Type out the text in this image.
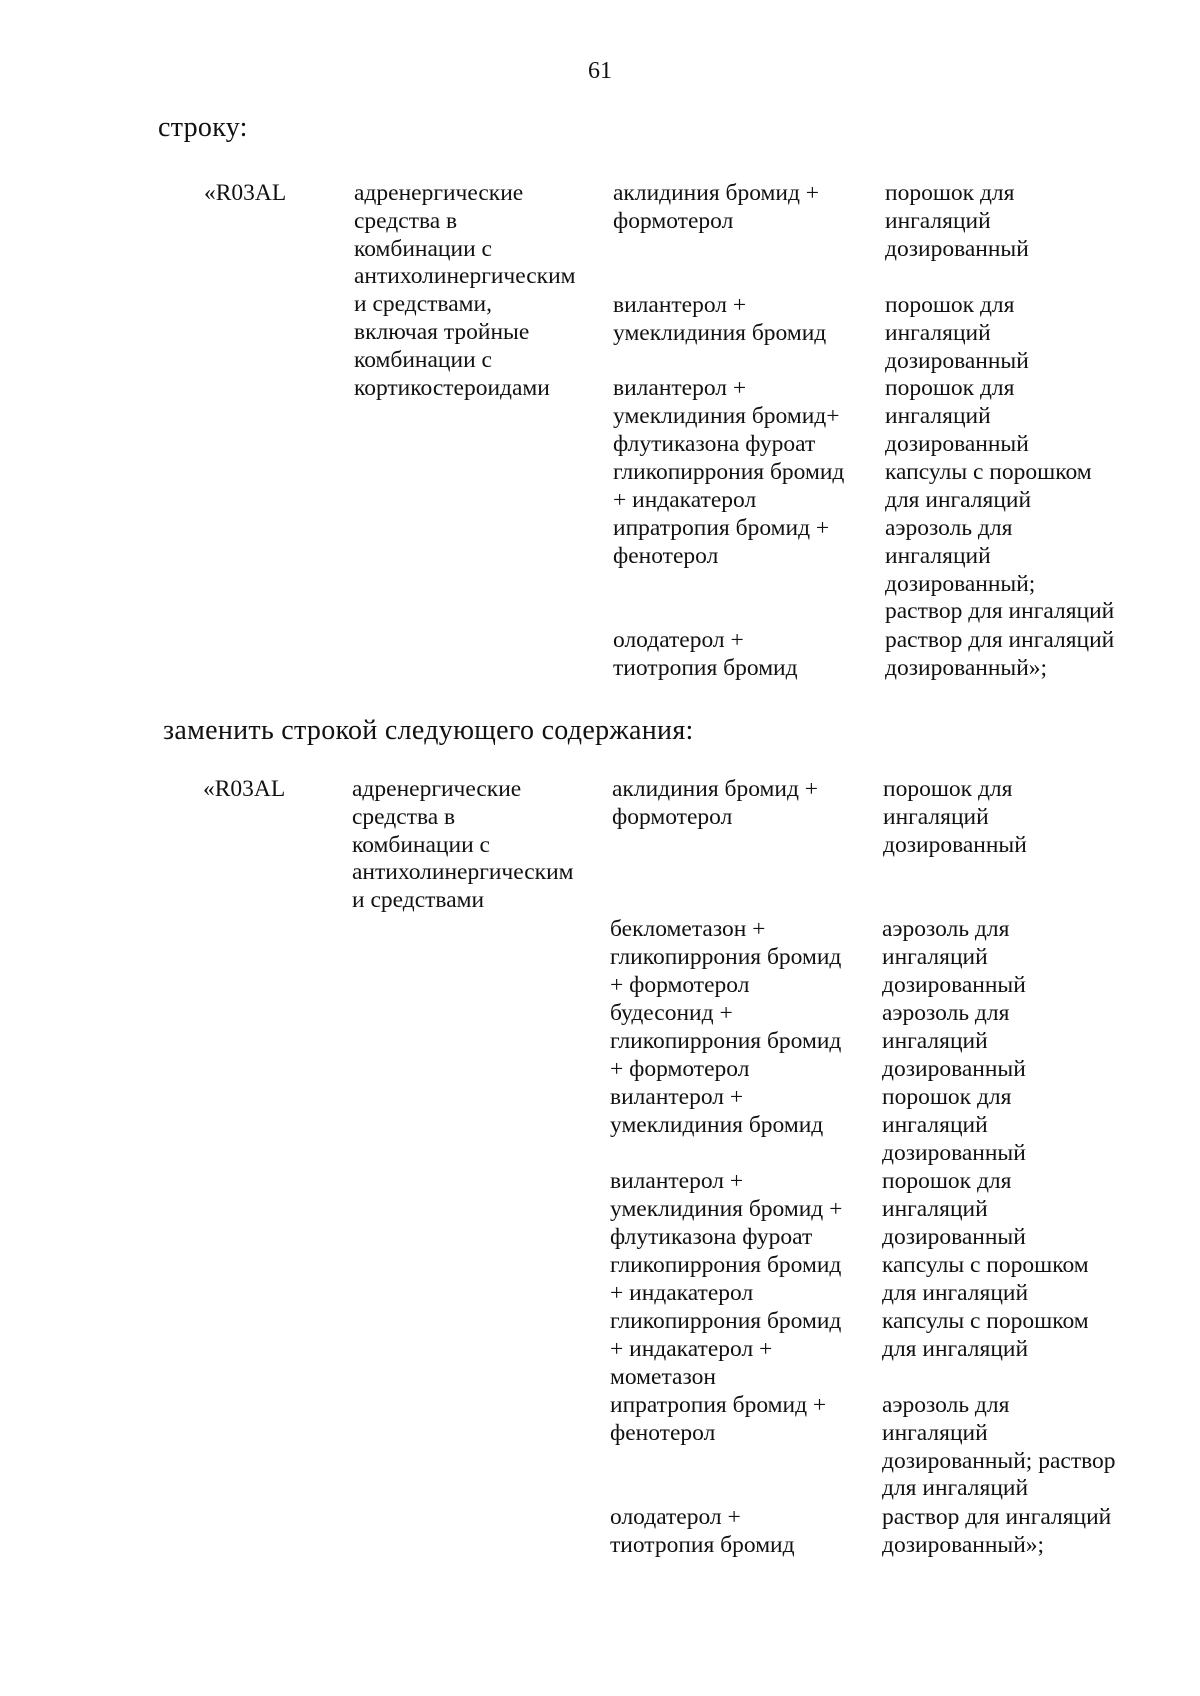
61
строку:
«R03AL	адренергические
средства в
комбинации с
антихолинергическим
и средствами,
включая тройные
комбинации с
кортикостероидами
аклидиния бромид +
формотерол
порошок для
ингаляций
дозированный
вилантерол +
умеклидиния бромид
порошок для
ингаляций
дозированный
вилантерол +
умеклидиния бромид+
флутиказона фуроат
порошок для
ингаляций
дозированный
гликопиррония бромид
+ индакатерол
капсулы с порошком
для ингаляций
ипратропия бромид +
фенотерол
аэрозоль для
ингаляций
дозированный;
раствор для ингаляций
олодатерол +
тиотропия бромид
раствор для ингаляций
дозированный»;
заменить строкой следующего содержания:
«R03AL	адренергические
средства в
комбинации с
антихолинергическим
и средствами
аклидиния бромид +
формотерол
порошок для
ингаляций
дозированный
беклометазон +
гликопиррония бромид
+ формотерол
аэрозоль для
ингаляций
дозированный
будесонид +
гликопиррония бромид
+ формотерол
аэрозоль для
ингаляций
дозированный
вилантерол +
умеклидиния бромид
порошок для
ингаляций
дозированный
вилантерол +
умеклидиния бромид +
флутиказона фуроат
порошок для
ингаляций
дозированный
гликопиррония бромид
+ индакатерол
капсулы с порошком
для ингаляций
гликопиррония бромид
+ индакатерол +
мометазон
капсулы с порошком
для ингаляций
ипратропия бромид +
фенотерол
аэрозоль для
ингаляций
дозированный; раствор
для ингаляций
олодатерол +
тиотропия бромид
раствор для ингаляций
дозированный»;
